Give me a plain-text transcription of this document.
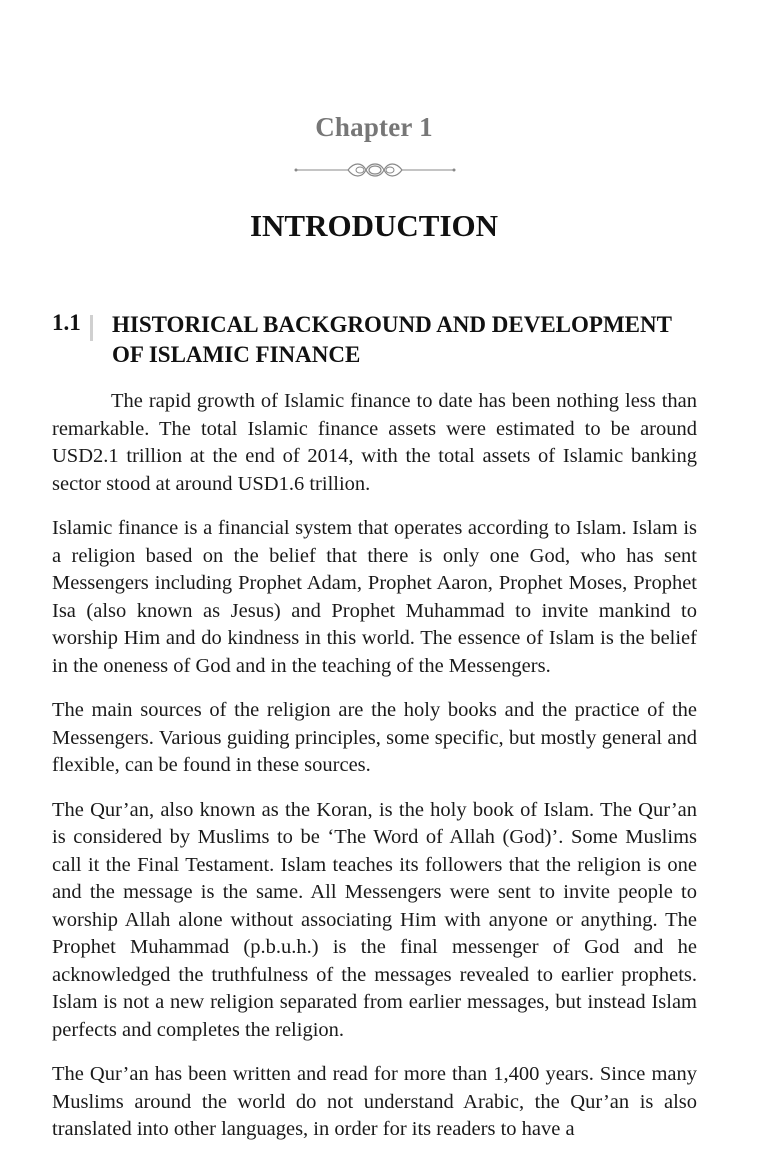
Chapter 1
INTRODUCTION
1.1 HISTORICAL BACKGROUND AND DEVELOPMENT OF ISLAMIC FINANCE

The rapid growth of Islamic finance to date has been nothing less than remarkable. The total Islamic finance assets were estimated to be around USD2.1 trillion at the end of 2014, with the total assets of Islamic banking sector stood at around USD1.6 trillion.

Islamic finance is a financial system that operates according to Islam. Islam is a religion based on the belief that there is only one God, who has sent Messengers including Prophet Adam, Prophet Aaron, Prophet Moses, Prophet Isa (also known as Jesus) and Prophet Muhammad to invite mankind to worship Him and do kindness in this world. The essence of Islam is the belief in the oneness of God and in the teaching of the Messengers.

The main sources of the religion are the holy books and the practice of the Messengers. Various guiding principles, some specific, but mostly general and flexible, can be found in these sources.

The Qur’an, also known as the Koran, is the holy book of Islam. The Qur’an is considered by Muslims to be ‘The Word of Allah (God)’. Some Muslims call it the Final Testament. Islam teaches its followers that the religion is one and the message is the same. All Messengers were sent to invite people to worship Allah alone without associating Him with anyone or anything. The Prophet Muhammad (p.b.u.h.) is the final messenger of God and he acknowledged the truthfulness of the messages revealed to earlier prophets. Islam is not a new religion separated from earlier messages, but instead Islam perfects and completes the religion.

The Qur’an has been written and read for more than 1,400 years. Since many Muslims around the world do not understand Arabic, the Qur’an is also translated into other languages, in order for its readers to have a
